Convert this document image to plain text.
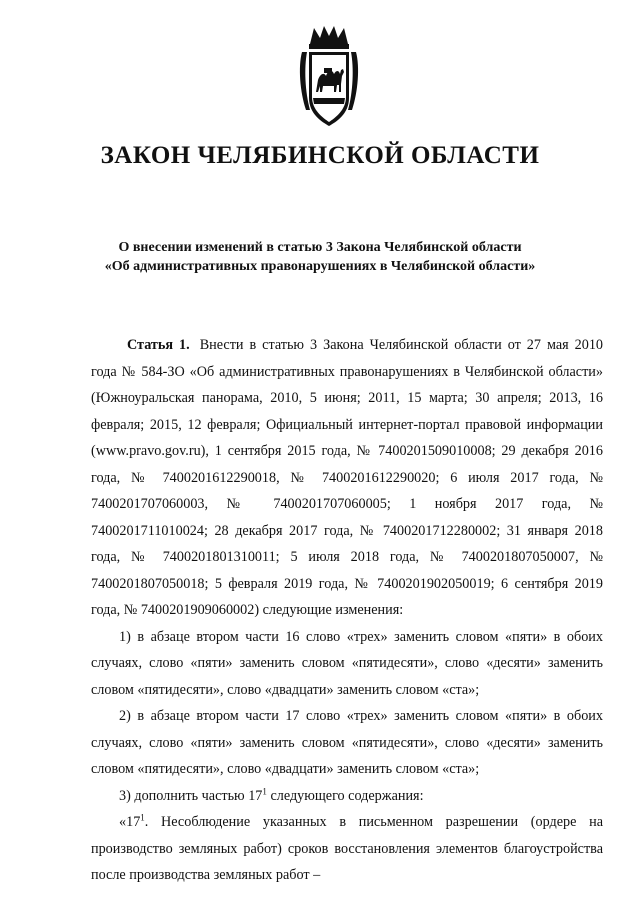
ЗАКОН ЧЕЛЯБИНСКОЙ ОБЛАСТИ
О внесении изменений в статью 3 Закона Челябинской области
«Об административных правонарушениях в Челябинской области»

Статья 1. Внести в статью 3 Закона Челябинской области от 27 мая 2010 года № 584-ЗО «Об административных правонарушениях в Челябинской области» (Южноуральская панорама, 2010, 5 июня; 2011, 15 марта; 30 апреля; 2013, 16 февраля; 2015, 12 февраля; Официальный интернет-портал правовой информации (www.pravo.gov.ru), 1 сентября 2015 года, № 7400201509010008; 29 декабря 2016 года, № 7400201612290018, № 7400201612290020; 6 июля 2017 года, № 7400201707060003, № 7400201707060005; 1 ноября 2017 года, № 7400201711010024; 28 декабря 2017 года, № 7400201712280002; 31 января 2018 года, № 7400201801310011; 5 июля 2018 года, № 7400201807050007, № 7400201807050018; 5 февраля 2019 года, № 7400201902050019; 6 сентября 2019 года, № 7400201909060002) следующие изменения:

1) в абзаце втором части 16 слово «трех» заменить словом «пяти» в обоих случаях, слово «пяти» заменить словом «пятидесяти», слово «десяти» заменить словом «пятидесяти», слово «двадцати» заменить словом «ста»;

2) в абзаце втором части 17 слово «трех» заменить словом «пяти» в обоих случаях, слово «пяти» заменить словом «пятидесяти», слово «десяти» заменить словом «пятидесяти», слово «двадцати» заменить словом «ста»;

3) дополнить частью $17^1$ следующего содержания:

«$17^1$. Несоблюдение указанных в письменном разрешении (ордере на производство земляных работ) сроков восстановления элементов благоустройства после производства земляных работ –
